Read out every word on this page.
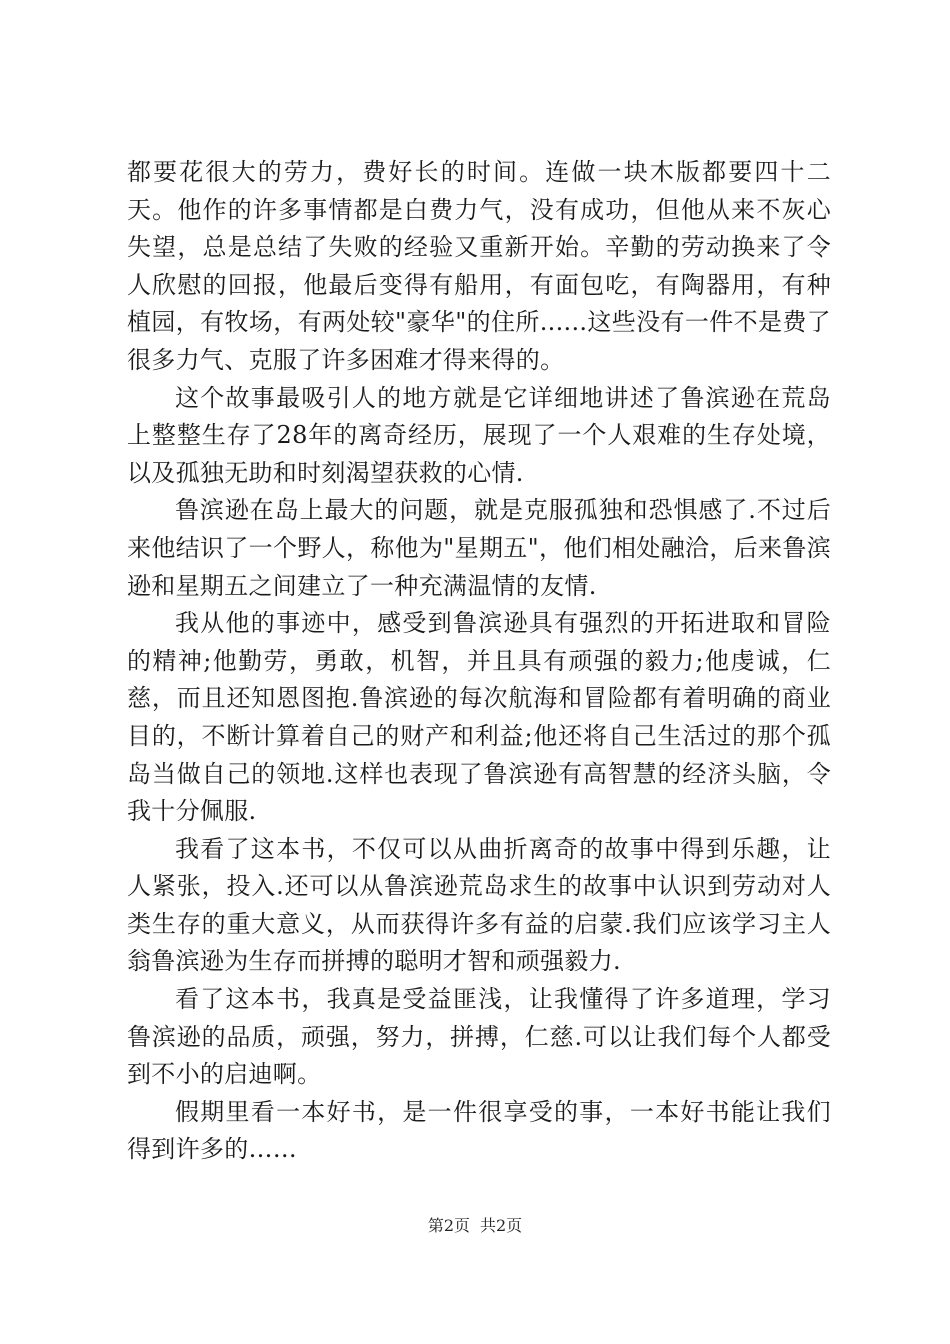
都要花很大的劳力，费好长的时间。连做一块木版都要四十二天。他作的许多事情都是白费力气，没有成功，但他从来不灰心失望，总是总结了失败的经验又重新开始。辛勤的劳动换来了令人欣慰的回报，他最后变得有船用，有面包吃，有陶器用，有种植园，有牧场，有两处较"豪华"的住所......这些没有一件不是费了很多力气、克服了许多困难才得来得的。

这个故事最吸引人的地方就是它详细地讲述了鲁滨逊在荒岛上整整生存了28年的离奇经历，展现了一个人艰难的生存处境，以及孤独无助和时刻渴望获救的心情.

鲁滨逊在岛上最大的问题，就是克服孤独和恐惧感了.不过后来他结识了一个野人，称他为"星期五"，他们相处融洽，后来鲁滨逊和星期五之间建立了一种充满温情的友情.

我从他的事迹中，感受到鲁滨逊具有强烈的开拓进取和冒险的精神;他勤劳，勇敢，机智，并且具有顽强的毅力;他虔诚，仁慈，而且还知恩图抱.鲁滨逊的每次航海和冒险都有着明确的商业目的，不断计算着自己的财产和利益;他还将自己生活过的那个孤岛当做自己的领地.这样也表现了鲁滨逊有高智慧的经济头脑，令我十分佩服.

我看了这本书，不仅可以从曲折离奇的故事中得到乐趣，让人紧张，投入.还可以从鲁滨逊荒岛求生的故事中认识到劳动对人类生存的重大意义，从而获得许多有益的启蒙.我们应该学习主人翁鲁滨逊为生存而拼搏的聪明才智和顽强毅力.

看了这本书，我真是受益匪浅，让我懂得了许多道理，学习鲁滨逊的品质，顽强，努力，拼搏，仁慈.可以让我们每个人都受到不小的启迪啊。

假期里看一本好书，是一件很享受的事，一本好书能让我们得到许多的……

第2页 共2页
